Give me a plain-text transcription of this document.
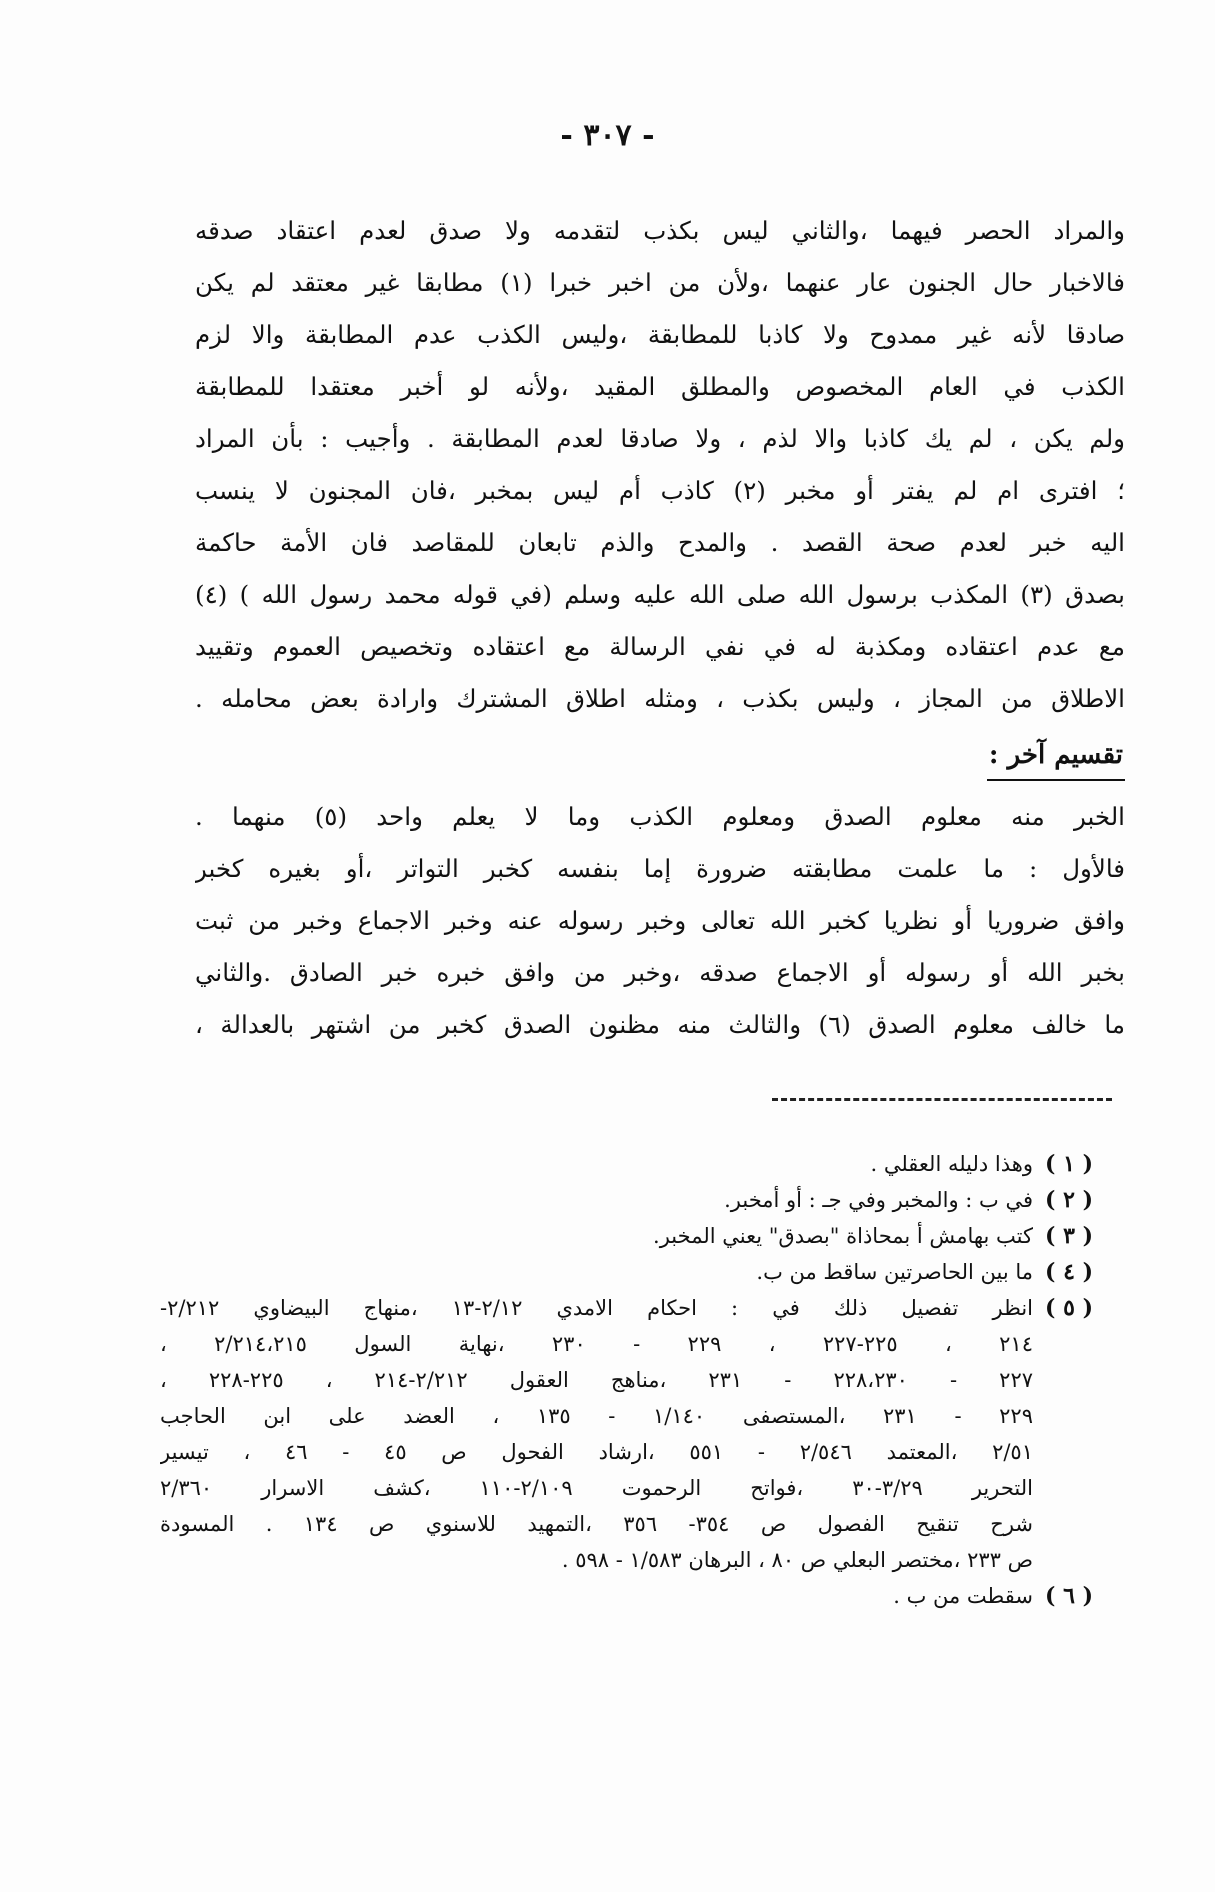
- ٣٠٧ -
والمراد الحصر فيهما ،والثاني ليس بكذب لتقدمه ولا صدق لعدم اعتقاد صدقه
فالاخبار حال الجنون عار عنهما ،ولأن من اخبر خبرا (١) مطابقا غير معتقد لم يكن
صادقا لأنه غير ممدوح ولا كاذبا للمطابقة ،وليس الكذب عدم المطابقة والا لزم
الكذب في العام المخصوص والمطلق المقيد ،ولأنه لو أخبر معتقدا للمطابقة
ولم يكن ، لم يك كاذبا والا لذم ، ولا صادقا لعدم المطابقة . وأجيب : بأن المراد
؛ افترى ام لم يفتر أو مخبر (٢) كاذب أم ليس بمخبر ،فان المجنون لا ينسب
اليه خبر لعدم صحة القصد . والمدح والذم تابعان للمقاصد فان الأمة حاكمة
بصدق (٣) المكذب برسول الله صلى الله عليه وسلم (في قوله محمد رسول الله ) (٤)
مع عدم اعتقاده ومكذبة له في نفي الرسالة مع اعتقاده وتخصيص العموم وتقييد
الاطلاق من المجاز ، وليس بكذب ، ومثله اطلاق المشترك وارادة بعض محامله .
تقسيم آخر :
الخبر منه معلوم الصدق ومعلوم الكذب وما لا يعلم واحد (٥) منهما .
فالأول : ما علمت مطابقته ضرورة إما بنفسه كخبر التواتر ،أو بغيره كخبر
وافق ضروريا أو نظريا كخبر الله تعالى وخبر رسوله عنه وخبر الاجماع وخبر من ثبت
بخبر الله أو رسوله أو الاجماع صدقه ،وخبر من وافق خبره خبر الصادق .والثاني
ما خالف معلوم الصدق (٦) والثالث منه مظنون الصدق كخبر من اشتهر بالعدالة ،
( ١ )
وهذا دليله العقلي .
( ٢ )
في ب : والمخبر وفي جـ : أو أمخبر.
( ٣ )
كتب بهامش أ بمحاذاة "بصدق" يعني المخبر.
( ٤ )
ما بين الحاصرتين ساقط من ب.
( ٥ )
انظر تفصيل ذلك في : احكام الامدي ٢/١٢-١٣ ،منهاج البيضاوي ٢/٢١٢-
٢١٤ ، ٢٢٥-٢٢٧ ، ٢٢٩ - ٢٣٠ ،نهاية السول ٢/٢١٤،٢١٥ ،
٢٢٧ - ٢٢٨،٢٣٠ - ٢٣١ ،مناهج العقول ٢/٢١٢-٢١٤ ، ٢٢٥-٢٢٨ ،
٢٢٩ - ٢٣١ ،المستصفى ١/١٤٠ - ١٣٥ ، العضد على ابن الحاجب
٢/٥١ ،المعتمد ٢/٥٤٦ - ٥٥١ ،ارشاد الفحول ص ٤٥ - ٤٦ ، تيسير
التحرير ٣/٢٩-٣٠ ،فواتح الرحموت ٢/١٠٩-١١٠ ،كشف الاسرار ٢/٣٦٠
شرح تنقيح الفصول ص ٣٥٤- ٣٥٦ ،التمهيد للاسنوي ص ١٣٤ . المسودة
ص ٢٣٣ ،مختصر البعلي ص ٨٠ ، البرهان ١/٥٨٣ - ٥٩٨ .
( ٦ )
سقطت من ب .
